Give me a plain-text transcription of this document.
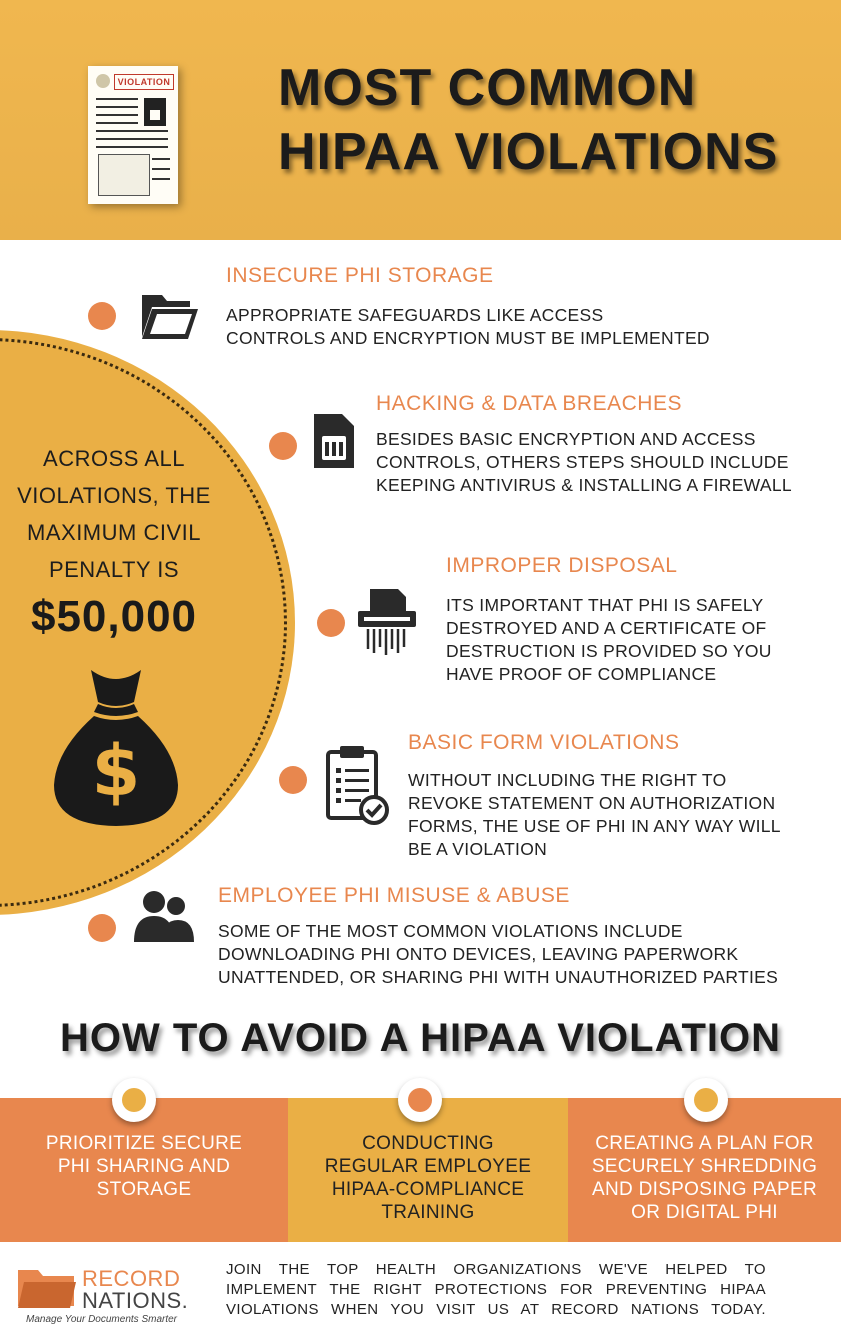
VIOLATION MOST COMMON
HIPAA VIOLATIONS
ACROSS ALL
VIOLATIONS, THE
MAXIMUM CIVIL
PENALTY IS
$50,000
$
INSECURE PHI STORAGE
APPROPRIATE SAFEGUARDS LIKE ACCESS
CONTROLS AND ENCRYPTION MUST BE IMPLEMENTED
HACKING & DATA BREACHES
BESIDES BASIC ENCRYPTION AND ACCESS
CONTROLS, OTHERS STEPS SHOULD INCLUDE
KEEPING ANTIVIRUS & INSTALLING A FIREWALL
IMPROPER DISPOSAL
ITS IMPORTANT THAT PHI IS SAFELY
DESTROYED AND A CERTIFICATE OF
DESTRUCTION IS PROVIDED SO YOU
HAVE PROOF OF COMPLIANCE
BASIC FORM VIOLATIONS
WITHOUT INCLUDING THE RIGHT TO
REVOKE STATEMENT ON AUTHORIZATION
FORMS, THE USE OF PHI IN ANY WAY WILL
BE A VIOLATION
EMPLOYEE PHI MISUSE & ABUSE
SOME OF THE MOST COMMON VIOLATIONS INCLUDE
DOWNLOADING PHI ONTO DEVICES, LEAVING PAPERWORK
UNATTENDED, OR SHARING PHI WITH UNAUTHORIZED PARTIES
HOW TO AVOID A HIPAA VIOLATION
PRIORITIZE SECURE
PHI SHARING AND
STORAGE
CONDUCTING
REGULAR EMPLOYEE
HIPAA-COMPLIANCE
TRAINING
CREATING A PLAN FOR
SECURELY SHREDDING
AND DISPOSING PAPER
OR DIGITAL PHI
RECORD
NATIONS.
Manage Your Documents Smarter
JOIN THE TOP HEALTH ORGANIZATIONS WE'VE HELPED TO
IMPLEMENT THE RIGHT PROTECTIONS FOR PREVENTING HIPAA
VIOLATIONS WHEN YOU VISIT US AT RECORD NATIONS TODAY.
